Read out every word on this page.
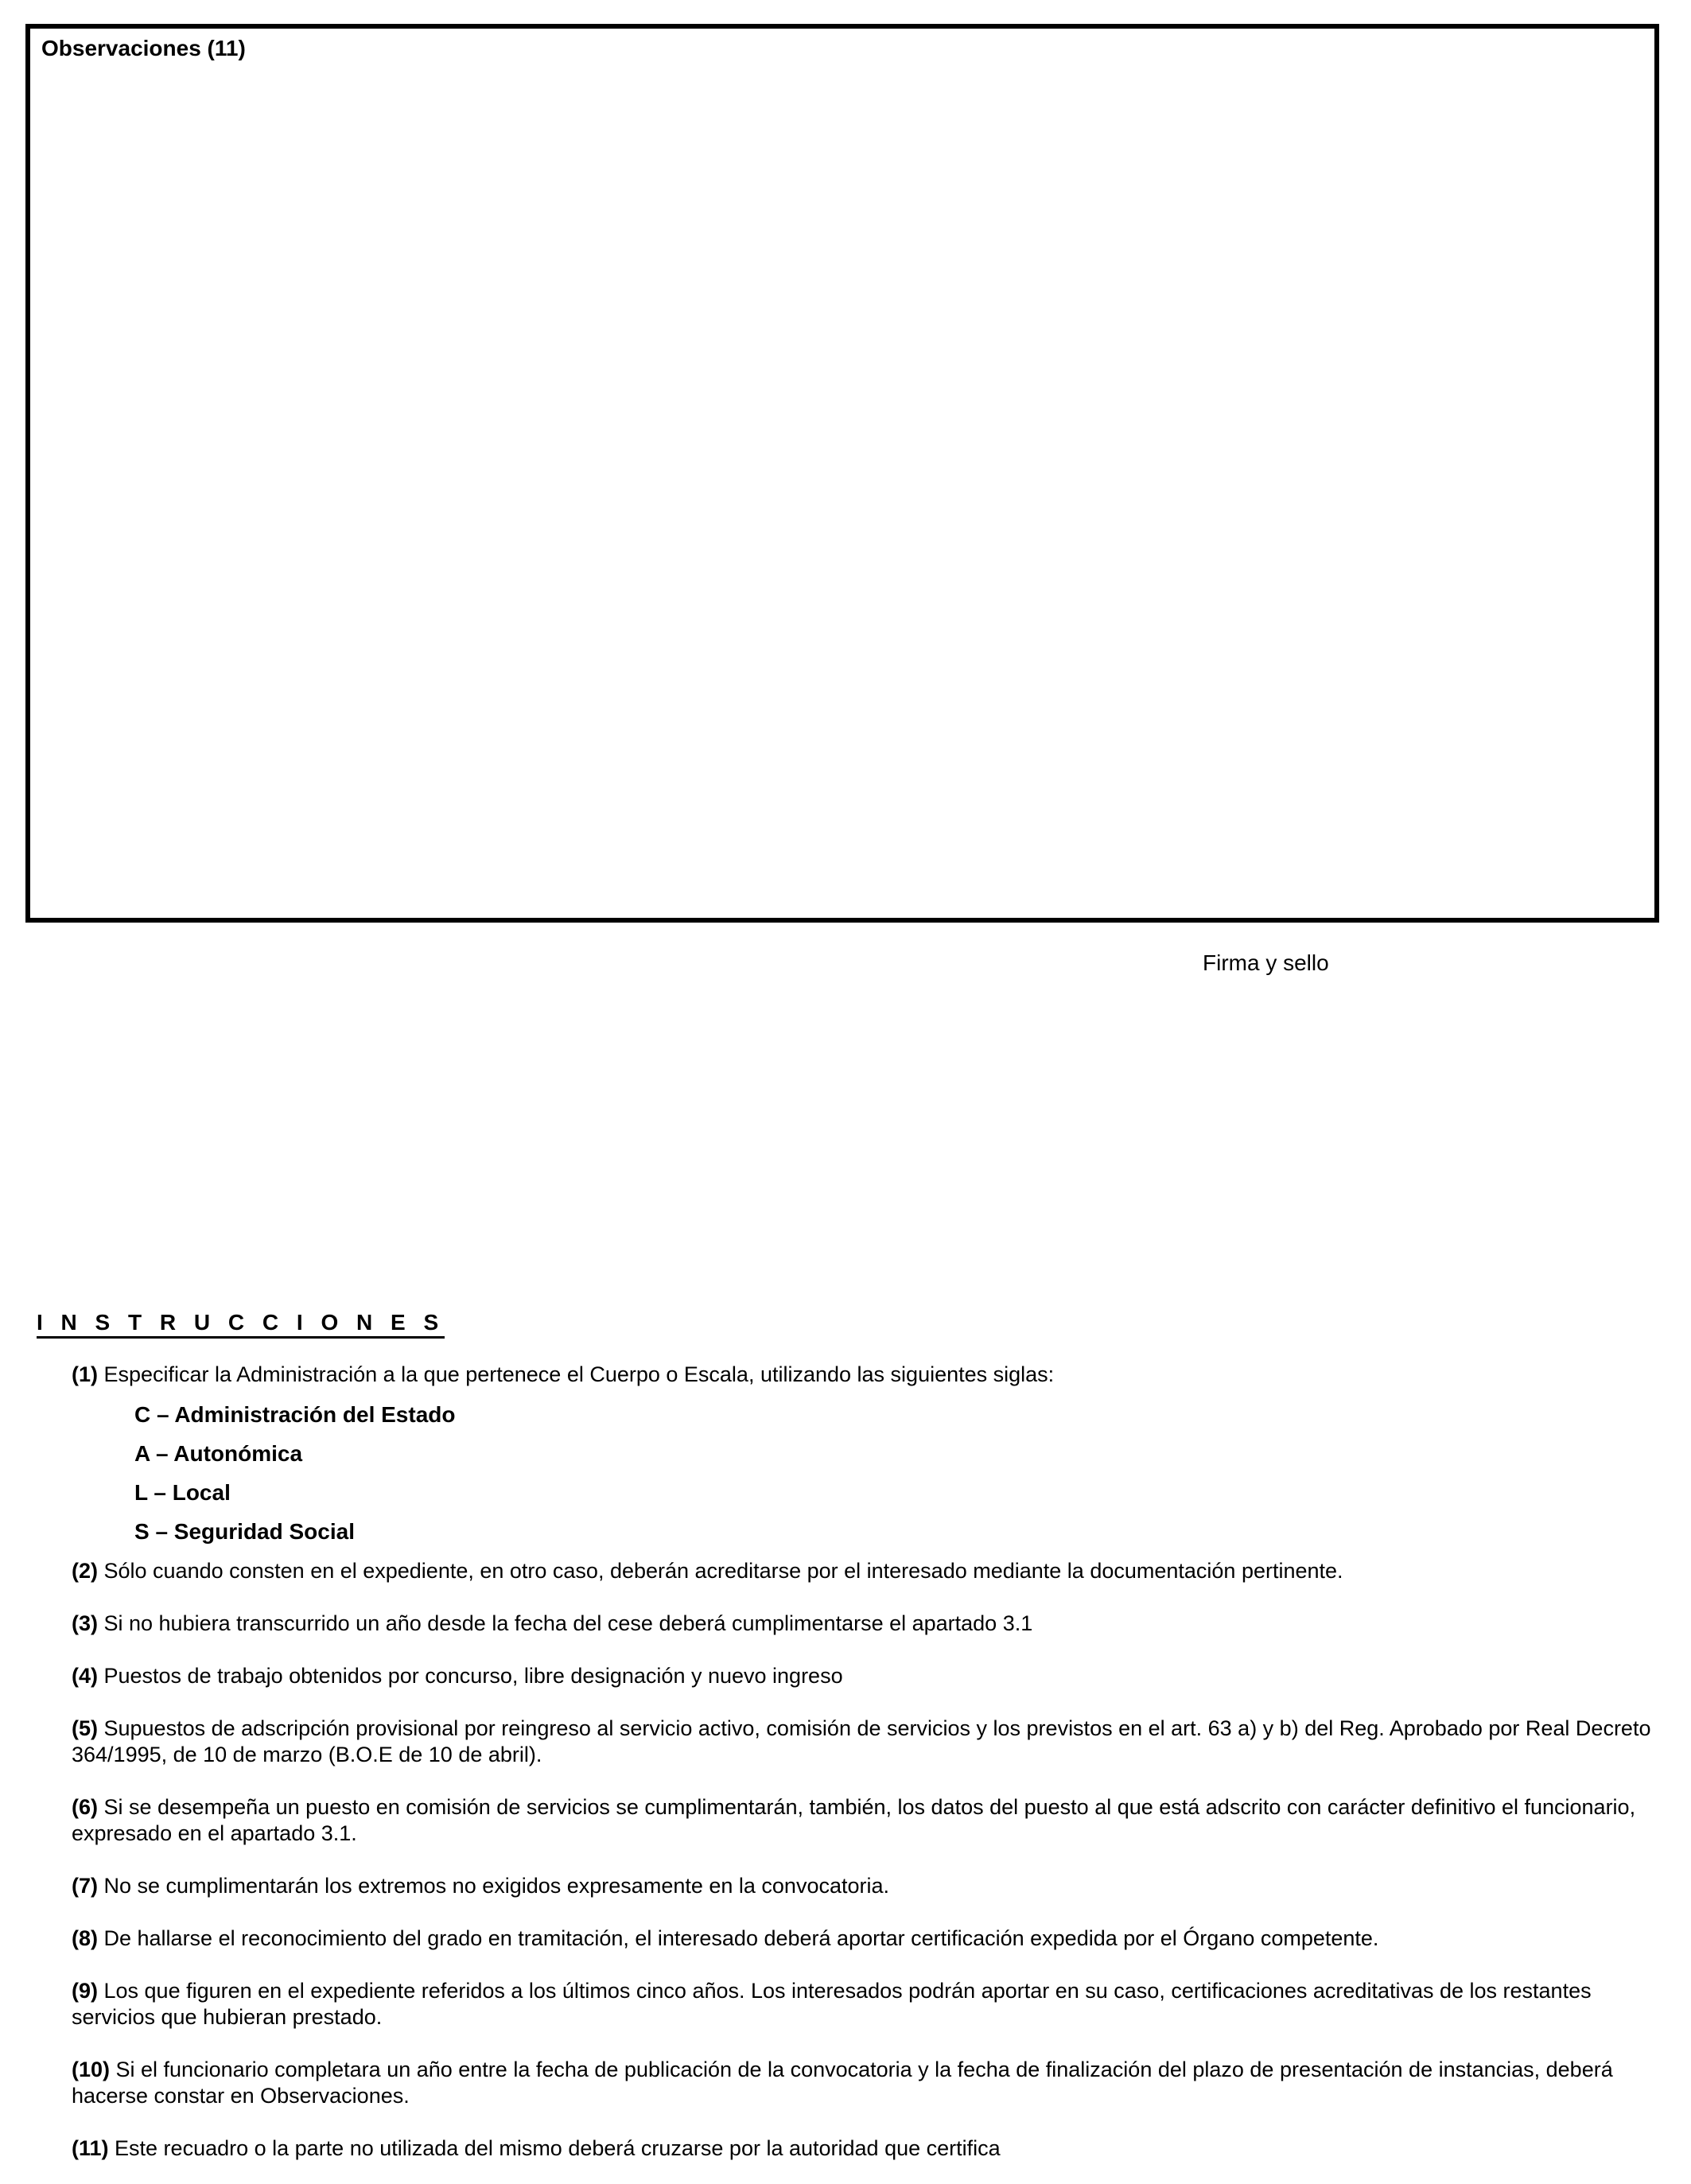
Observaciones (11)
Firma y sello
I N S T R U C C I O N E S
(1) Especificar la Administración a la que pertenece el Cuerpo o Escala, utilizando las siguientes siglas:
C – Administración del Estado
A – Autonómica
L – Local
S – Seguridad Social
(2) Sólo cuando consten en el expediente, en otro caso, deberán acreditarse por el interesado mediante la documentación pertinente.
(3) Si no hubiera transcurrido un año desde la fecha del cese deberá cumplimentarse el apartado 3.1
(4) Puestos de trabajo obtenidos por concurso, libre designación y nuevo ingreso
(5) Supuestos de adscripción provisional por reingreso al servicio activo, comisión de servicios y los previstos en el art. 63 a) y b) del Reg. Aprobado por Real Decreto 364/1995, de 10 de marzo (B.O.E de 10 de abril).
(6) Si se desempeña un puesto en comisión de servicios se cumplimentarán, también, los datos del puesto al que está adscrito con carácter definitivo el funcionario, expresado en el apartado 3.1.
(7) No se cumplimentarán los extremos no exigidos expresamente en la convocatoria.
(8) De hallarse el reconocimiento del grado en tramitación, el interesado deberá aportar certificación expedida por el Órgano competente.
(9) Los que figuren en el expediente referidos a los últimos cinco años. Los interesados podrán aportar en su caso, certificaciones acreditativas de los restantes servicios que hubieran prestado.
(10) Si el funcionario completara un año entre la fecha de publicación de la convocatoria y la fecha de finalización del plazo de presentación de instancias, deberá hacerse constar en Observaciones.
(11) Este recuadro o la parte no utilizada del mismo deberá cruzarse por la autoridad que certifica
